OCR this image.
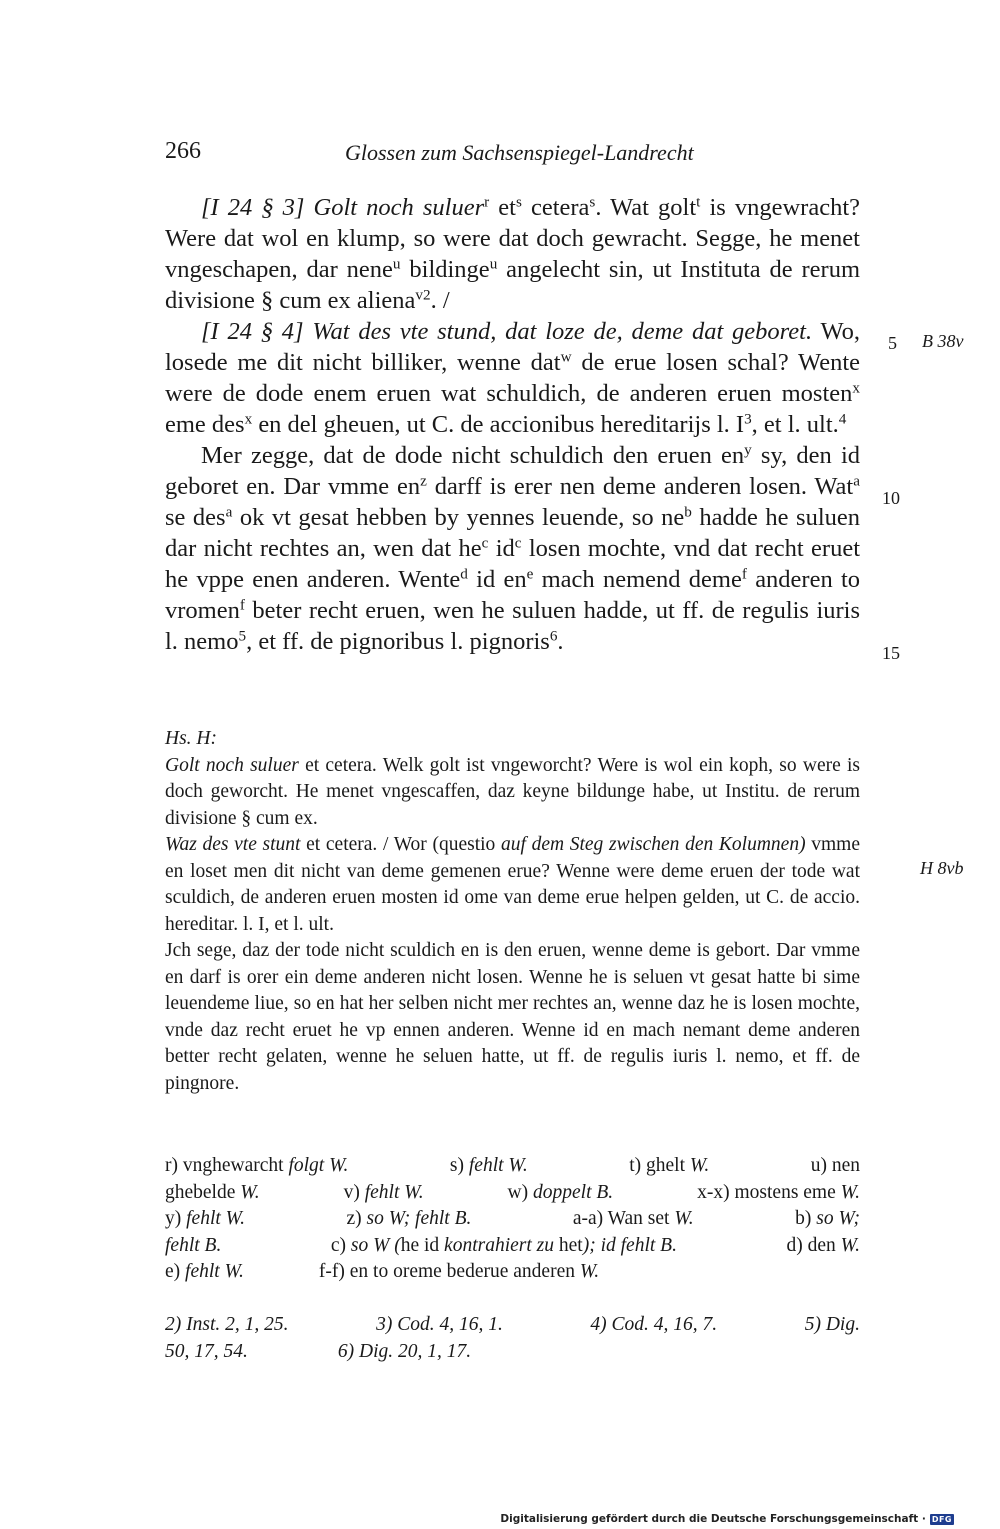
266	Glossen zum Sachsenspiegel-Landrecht

[I 24 § 3] Golt noch suluer$^r$ $et^s$ cetera$^s$. Wat golt$^t$ is vngewracht? Were dat wol en klump, so were dat doch gewracht. Segge, he menet vngeschapen, dar nene$^u$ bildinge$^u$ angelecht sin, ut Instituta de rerum divisione § cum ex aliena$^{v2}$. /

[I 24 § 4] Wat des vte stund, dat loze de, deme dat geboret. Wo, losede me dit nicht billiker, wenne dat$^w$ de erue losen schal? Wente were de dode enem eruen wat schuldich, de anderen eruen mosten$^x$ eme des$^x$ en del gheuen, ut C. de accionibus hereditarijs l. $I^3$, et l. ult.$^4$

Mer zegge, dat de dode nicht schuldich den eruen $en^y$ sy, den id geboret en. Dar vmme $en^z$ darff is erer nen deme anderen losen. Wat$^a$ se des$^a$ ok vt gesat hebben by yennes leuende, so $ne^b$ hadde he suluen dar nicht rechtes an, wen dat $he^c$ $id^c$ losen mochte, vnd dat recht eruet he vppe enen anderen. Wente$^d$ id $en^e$ mach nemend deme$^f$ anderen to vromen$^f$ beter recht eruen, wen he suluen hadde, ut ff. de regulis iuris l. nemo$^5$, et ff. de pignoribus l. pignoris$^6$.

5 B 38v
10
15
H 8vb

Hs. H:

Golt noch suluer et cetera. Welk golt ist vngeworcht? Were is wol ein koph, so were is doch geworcht. He menet vngescaffen, daz keyne bildunge habe, ut Institu. de rerum divisione § cum ex.

Waz des vte stunt et cetera. / Wor (questio auf dem Steg zwischen den Kolumnen) vmme en loset men dit nicht van deme gemenen erue? Wenne were deme eruen der tode wat sculdich, de anderen eruen mosten id ome van deme erue helpen gelden, ut C. de accio. hereditar. l. I, et l. ult.

Jch sege, daz der tode nicht sculdich en is den eruen, wenne deme is gebort. Dar vmme en darf is orer ein deme anderen nicht losen. Wenne he is seluen vt gesat hatte bi sime leuendeme liue, so en hat her selben nicht mer rechtes an, wenne daz he is losen mochte, vnde daz recht eruet he vp ennen anderen. Wenne id en mach nemant deme anderen better recht gelaten, wenne he seluen hatte, ut ff. de regulis iuris l. nemo, et ff. de pingnore.

r) vnghewarcht folgt W.	s) fehlt W.	t) ghelt W.	u) nen
ghebelde W.	v) fehlt W.	w) doppelt B.	x-x) mostens eme W.
y) fehlt W.	z) so W; fehlt B.	a-a) Wan set W.	b) so W;
fehlt B.	c) so W (he id kontrahiert zu het); id fehlt B.	d) den W.
e) fehlt W.	f-f) en to oreme bederue anderen W.
2) Inst. 2, 1, 25.	3) Cod. 4, 16, 1.	4) Cod. 4, 16, 7.	5) Dig.
50, 17, 54.	6) Dig. 20, 1, 17.
Digitalisierung gefördert durch die Deutsche Forschungsgemeinschaft · DFG
